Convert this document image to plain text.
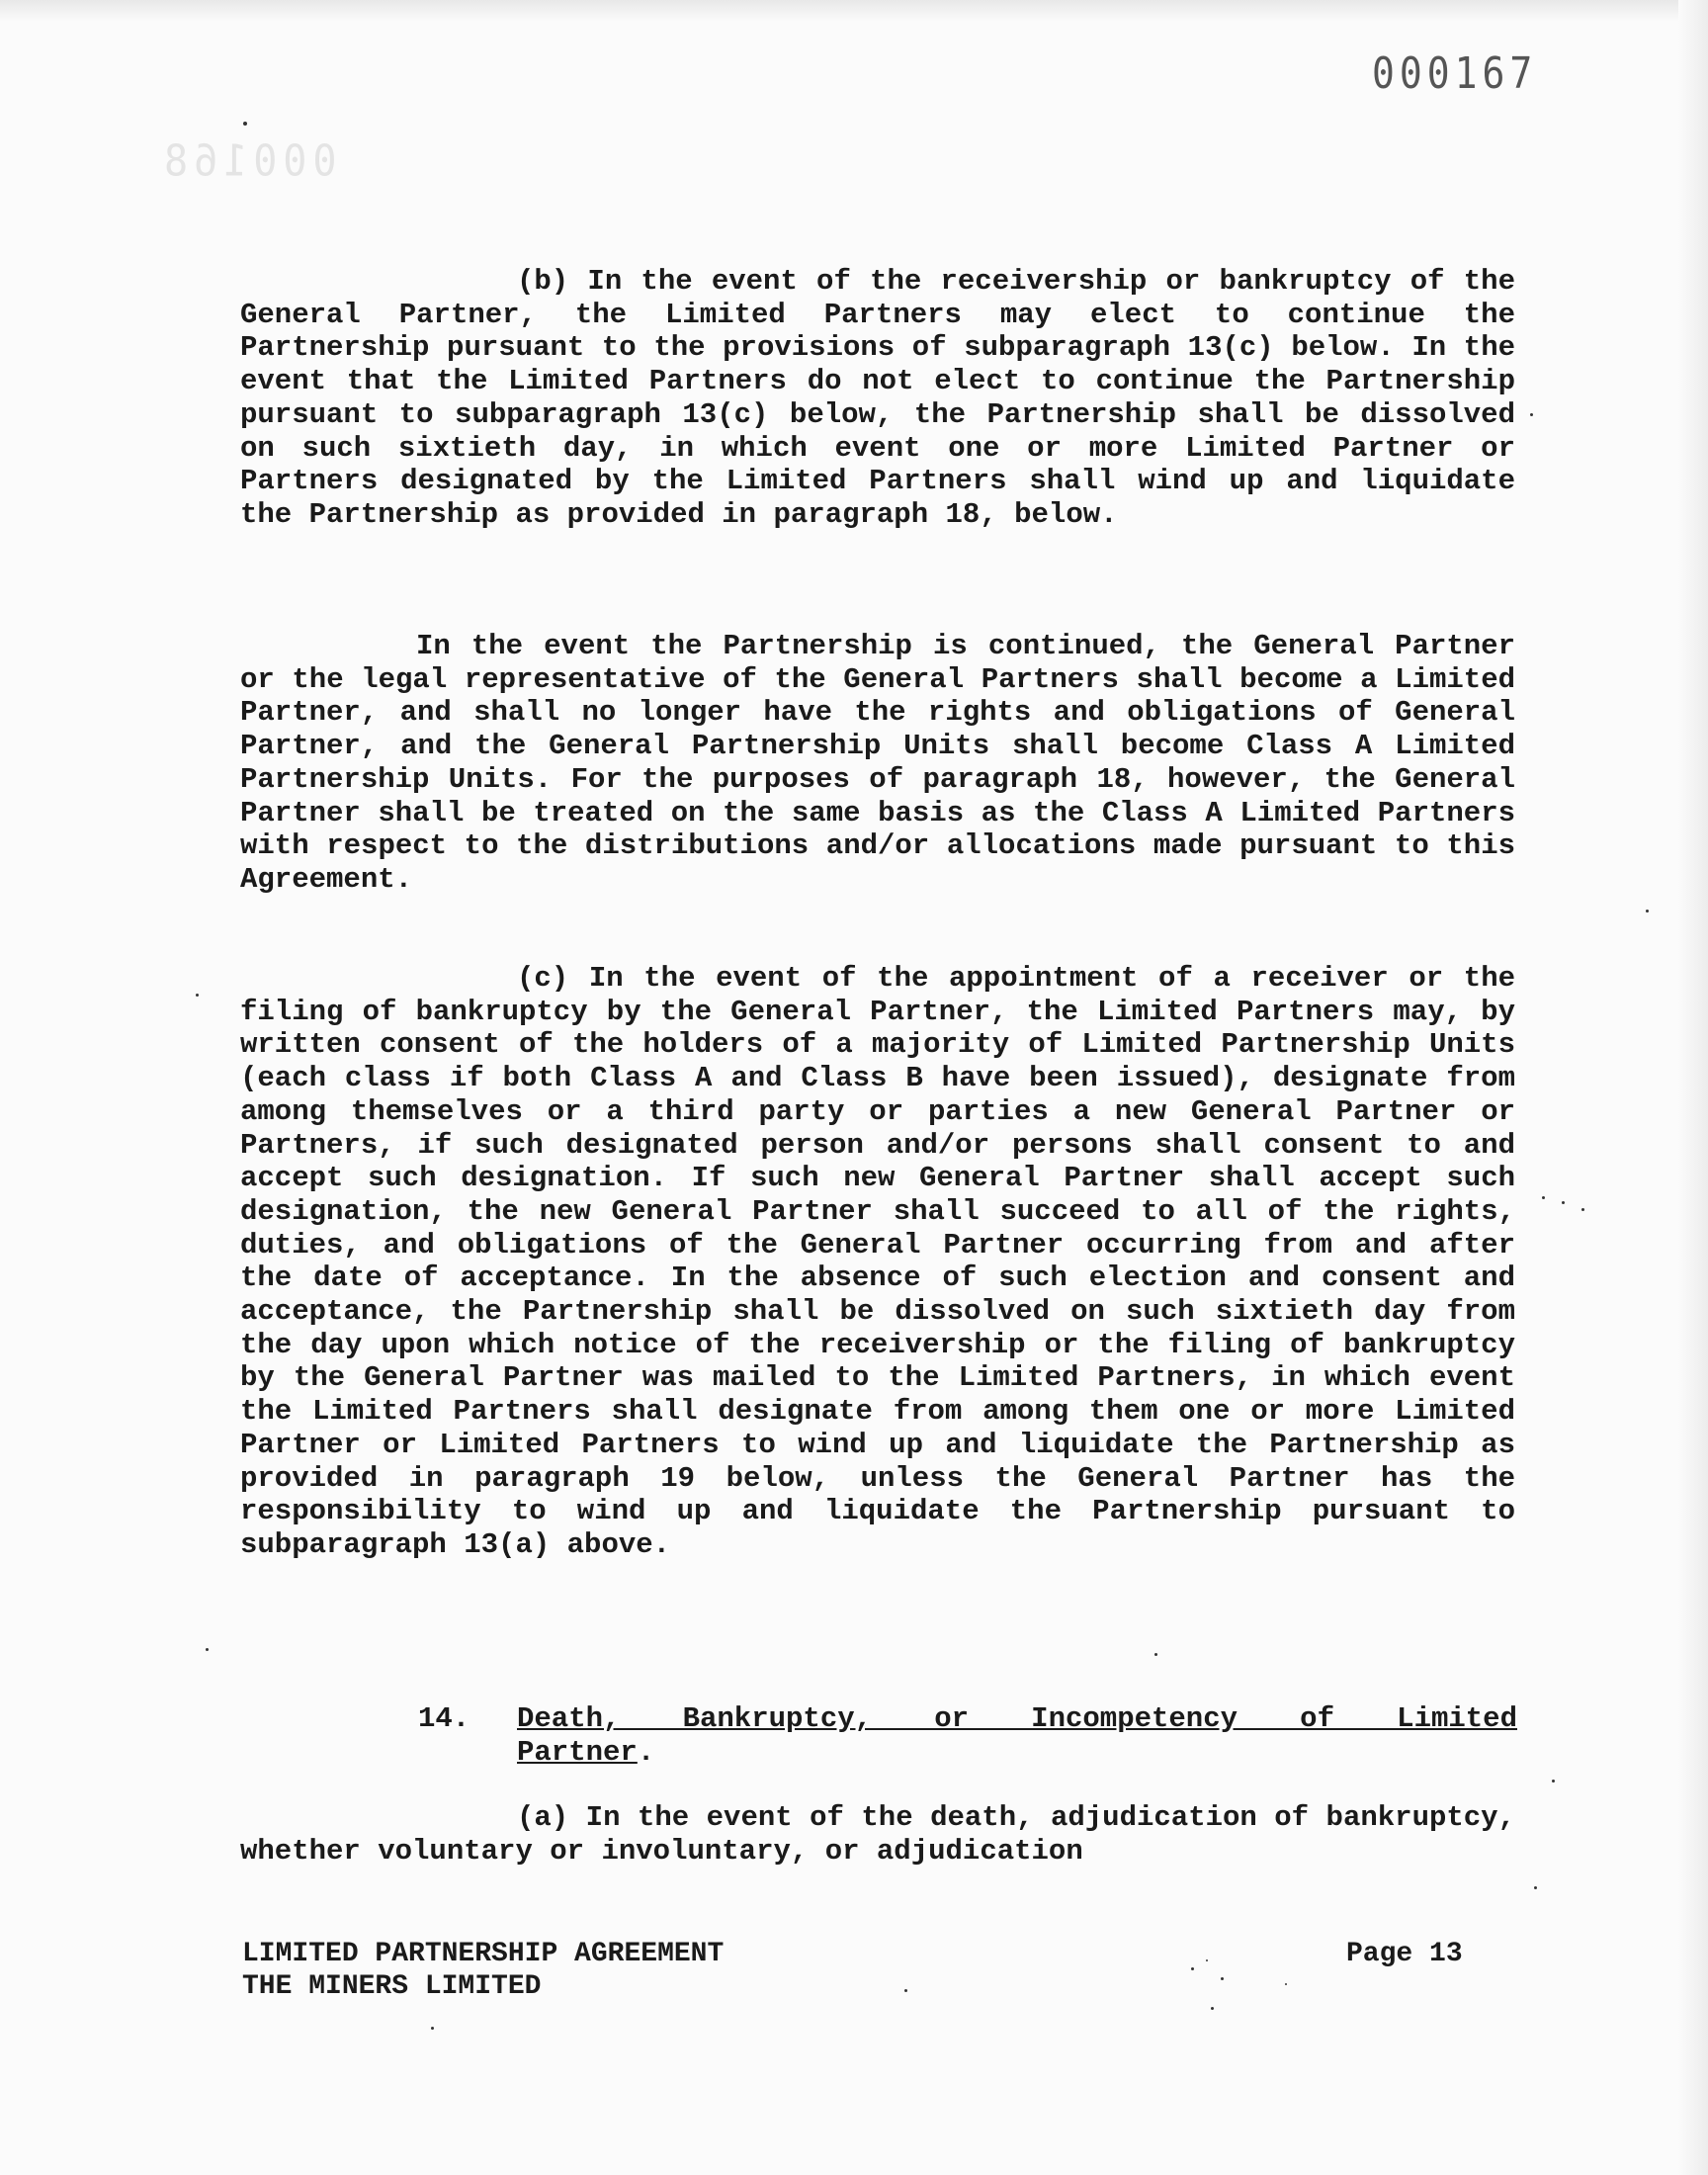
000167
000168

(b) In the event of the receivership or bankruptcy of the General Partner, the Limited Partners may elect to continue the Partnership pursuant to the provisions of subparagraph 13(c) below. In the event that the Limited Partners do not elect to continue the Partnership pursuant to subparagraph 13(c) below, the Partnership shall be dissolved on such sixtieth day, in which event one or more Limited Partner or Partners designated by the Limited Partners shall wind up and liquidate the Partnership as provided in paragraph 18, below.

In the event the Partnership is continued, the General Partner or the legal representative of the General Partners shall become a Limited Partner, and shall no longer have the rights and obligations of General Partner, and the General Partnership Units shall become Class A Limited Partnership Units. For the purposes of paragraph 18, however, the General Partner shall be treated on the same basis as the Class A Limited Partners with respect to the distributions and/or allocations made pursuant to this Agreement.

(c) In the event of the appointment of a receiver or the filing of bankruptcy by the General Partner, the Limited Partners may, by written consent of the holders of a majority of Limited Partnership Units (each class if both Class A and Class B have been issued), designate from among themselves or a third party or parties a new General Partner or Partners, if such designated person and/or persons shall consent to and accept such designation. If such new General Partner shall accept such designation, the new General Partner shall succeed to all of the rights, duties, and obligations of the General Partner occurring from and after the date of acceptance. In the absence of such election and consent and acceptance, the Partnership shall be dissolved on such sixtieth day from the day upon which notice of the receivership or the filing of bankruptcy by the General Partner was mailed to the Limited Partners, in which event the Limited Partners shall designate from among them one or more Limited Partner or Limited Partners to wind up and liquidate the Partnership as provided in paragraph 19 below, unless the General Partner has the responsibility to wind up and liquidate the Partnership pursuant to subparagraph 13(a) above.

14. Death, Bankruptcy, or Incompetency of Limited
Partner.

(a) In the event of the death, adjudication of bankruptcy, whether voluntary or involuntary, or adjudication

LIMITED PARTNERSHIP AGREEMENT
THE MINERS LIMITED
Page 13
